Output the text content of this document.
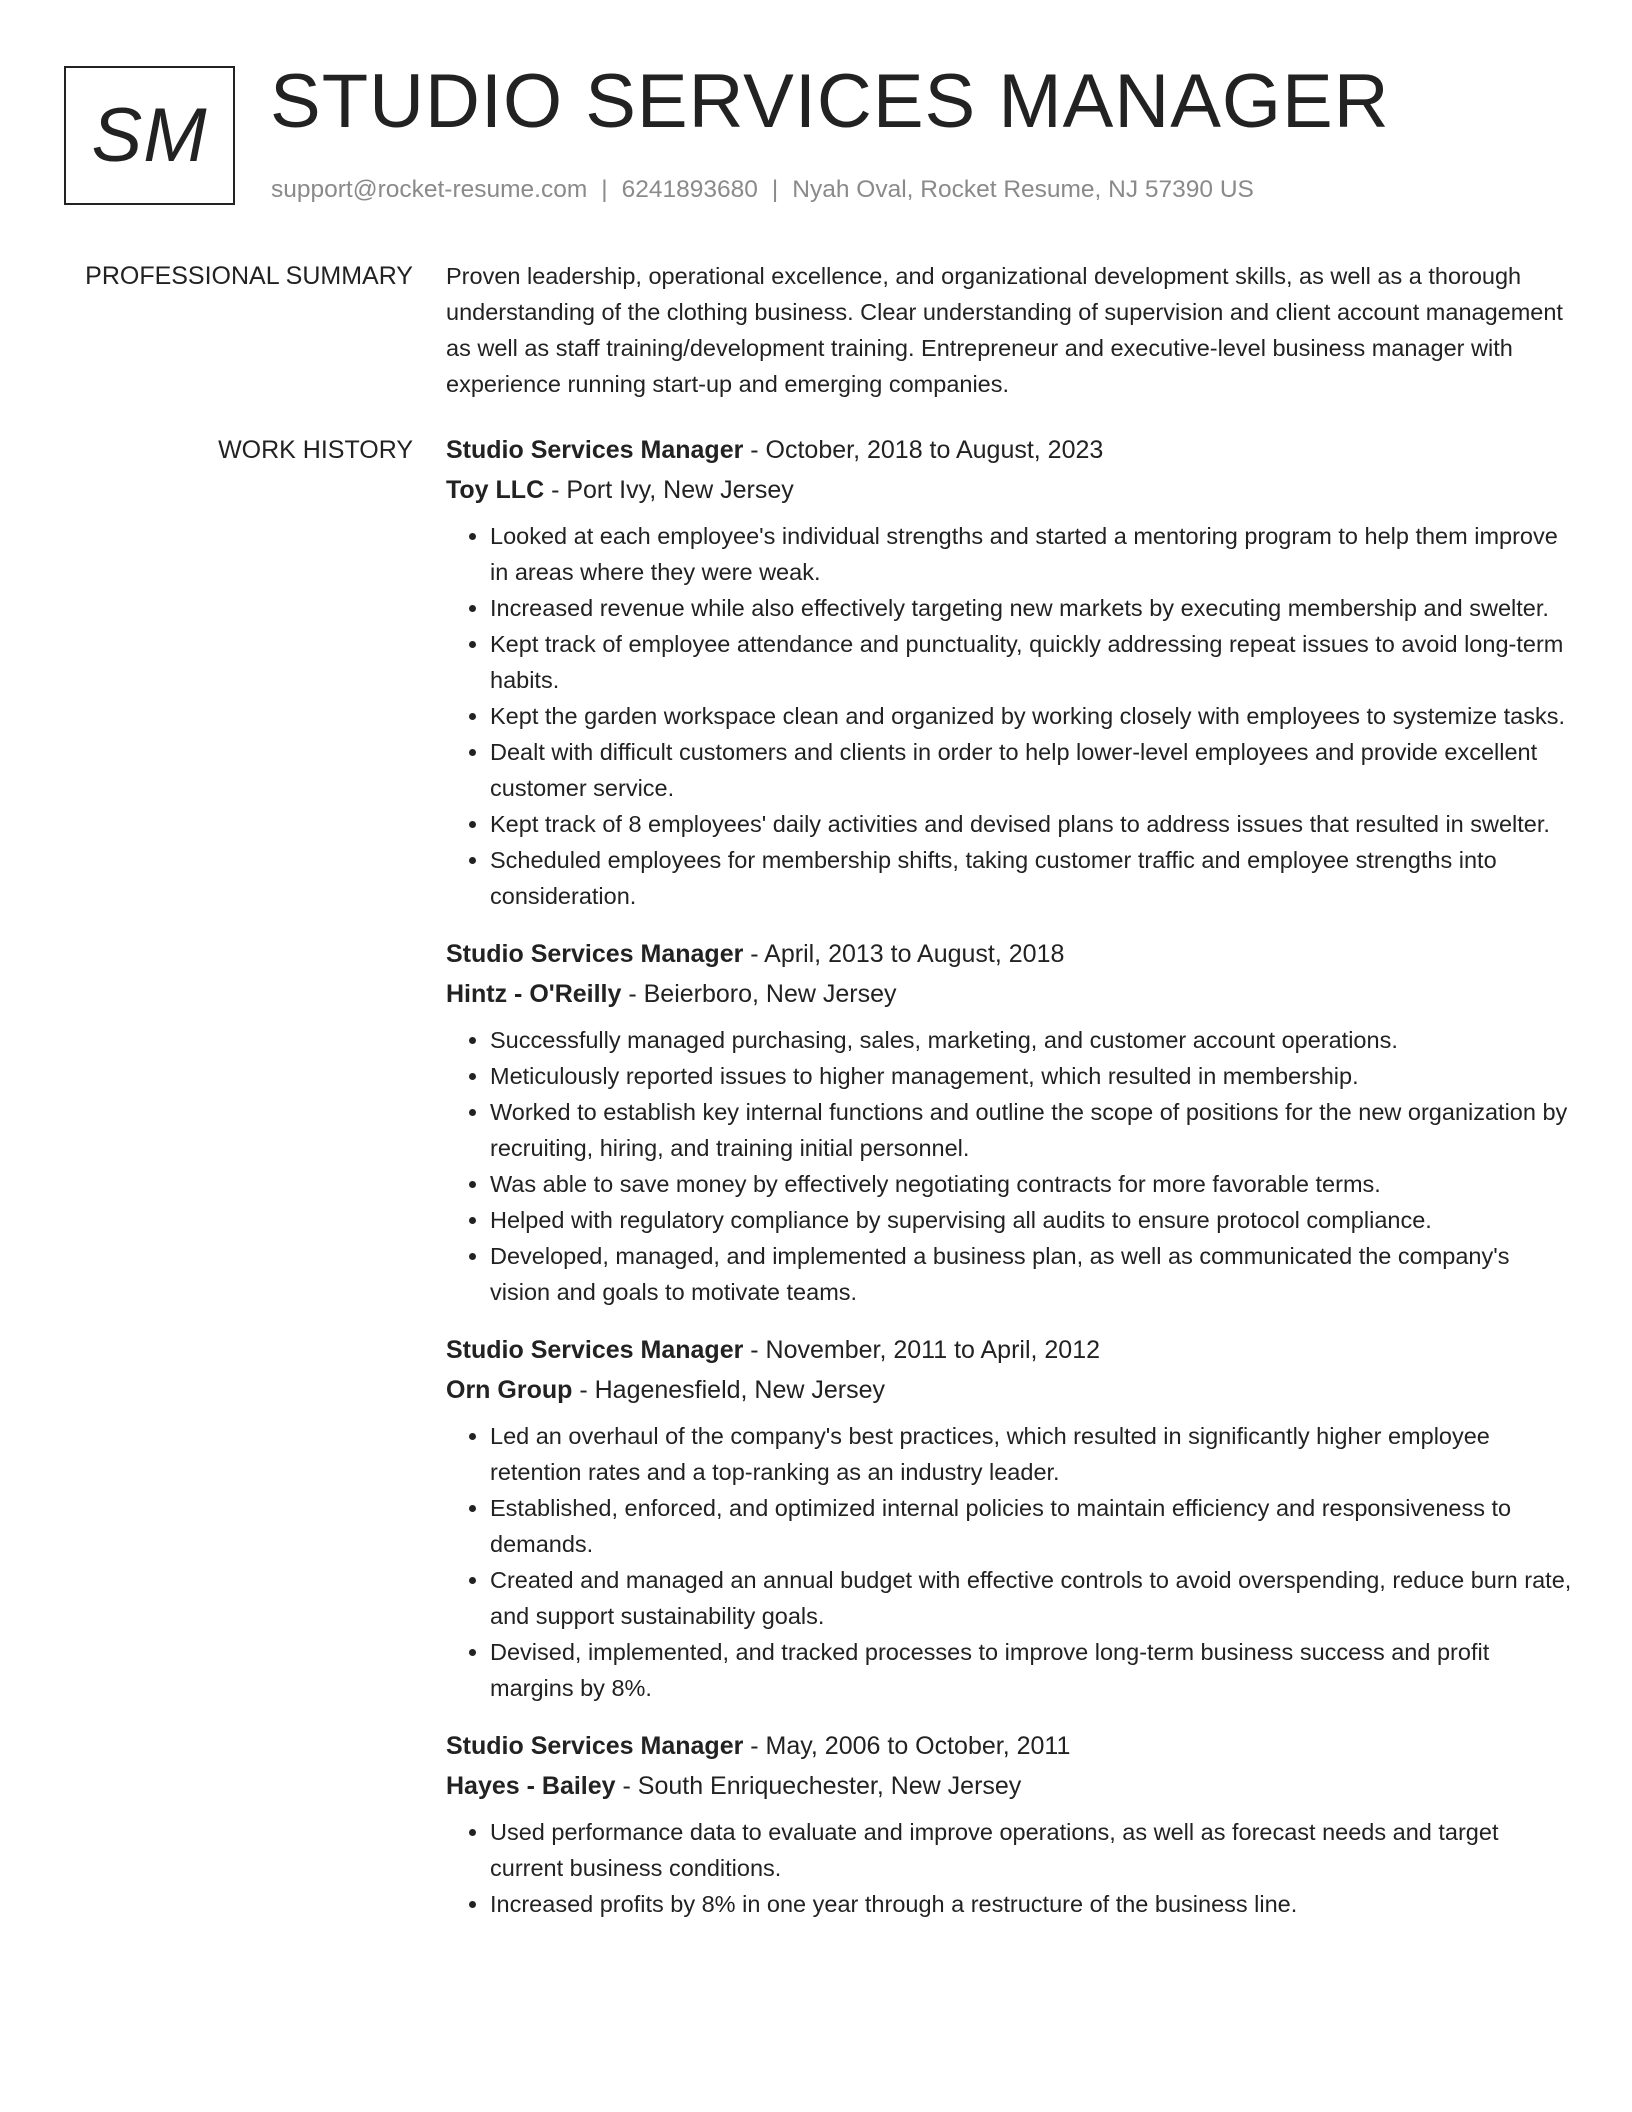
SM STUDIO SERVICES MANAGER
support@rocket-resume.com | 6241893680 | Nyah Oval, Rocket Resume, NJ 57390 US
PROFESSIONAL SUMMARY Proven leadership, operational excellence, and organizational development skills, as well as a thorough understanding of the clothing business. Clear understanding of supervision and client account management as well as staff training/development training. Entrepreneur and executive-level business manager with experience running start-up and emerging companies.

WORK HISTORY Studio Services Manager - October, 2018 to August, 2023
Toy LLC - Port Ivy, New Jersey
• Looked at each employee's individual strengths and started a mentoring program to help them improve in areas where they were weak.
• Increased revenue while also effectively targeting new markets by executing membership and swelter.
• Kept track of employee attendance and punctuality, quickly addressing repeat issues to avoid long-term habits.
• Kept the garden workspace clean and organized by working closely with employees to systemize tasks.
• Dealt with difficult customers and clients in order to help lower-level employees and provide excellent customer service.
• Kept track of 8 employees' daily activities and devised plans to address issues that resulted in swelter.
• Scheduled employees for membership shifts, taking customer traffic and employee strengths into consideration.
Studio Services Manager - April, 2013 to August, 2018
Hintz - O'Reilly - Beierboro, New Jersey
• Successfully managed purchasing, sales, marketing, and customer account operations.
• Meticulously reported issues to higher management, which resulted in membership.
• Worked to establish key internal functions and outline the scope of positions for the new organization by recruiting, hiring, and training initial personnel.
• Was able to save money by effectively negotiating contracts for more favorable terms.
• Helped with regulatory compliance by supervising all audits to ensure protocol compliance.
• Developed, managed, and implemented a business plan, as well as communicated the company's vision and goals to motivate teams.
Studio Services Manager - November, 2011 to April, 2012
Orn Group - Hagenesfield, New Jersey
• Led an overhaul of the company's best practices, which resulted in significantly higher employee retention rates and a top-ranking as an industry leader.
• Established, enforced, and optimized internal policies to maintain efficiency and responsiveness to demands.
• Created and managed an annual budget with effective controls to avoid overspending, reduce burn rate, and support sustainability goals.
• Devised, implemented, and tracked processes to improve long-term business success and profit margins by 8%.
Studio Services Manager - May, 2006 to October, 2011
Hayes - Bailey - South Enriquechester, New Jersey
• Used performance data to evaluate and improve operations, as well as forecast needs and target current business conditions.
• Increased profits by 8% in one year through a restructure of the business line.
